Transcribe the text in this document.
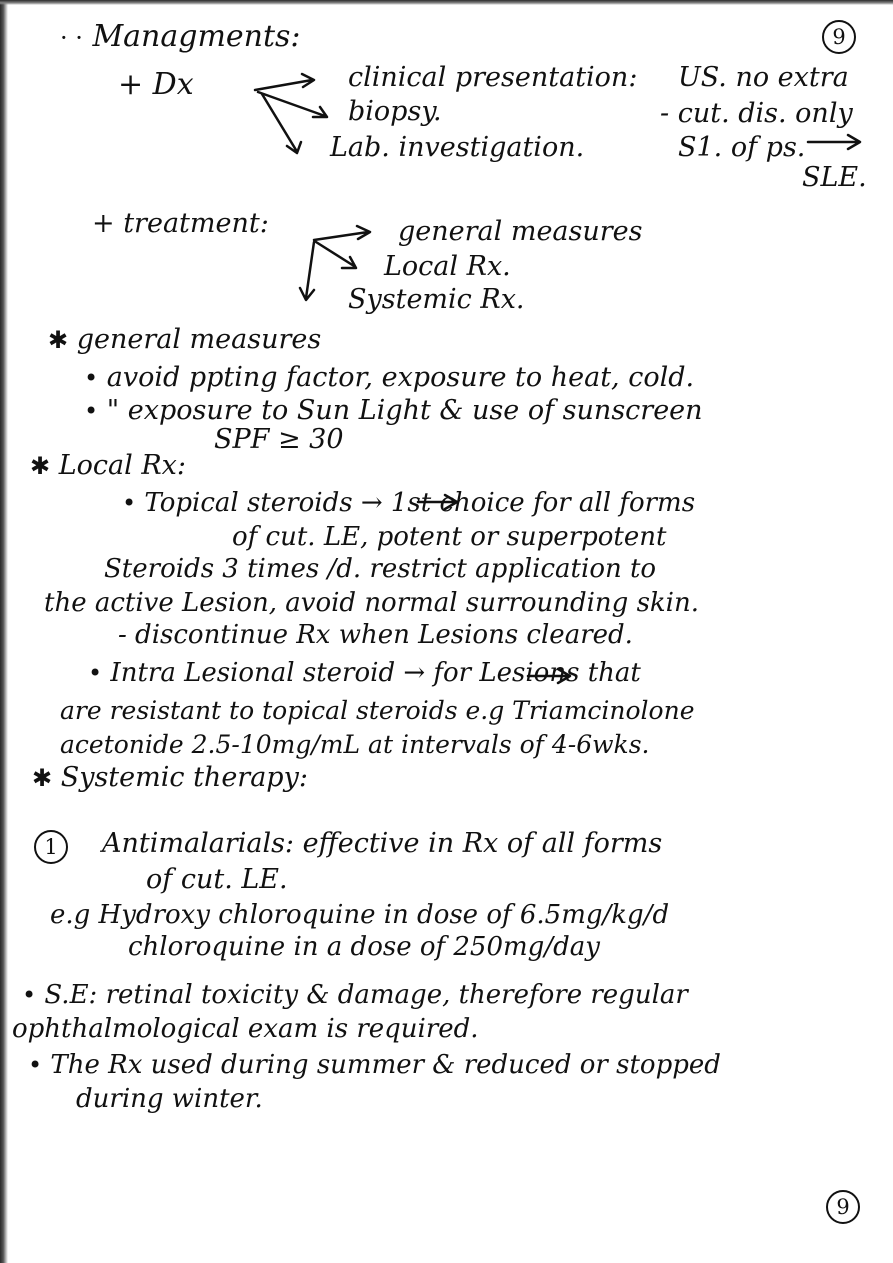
9
· · Managments:
+ Dx	clinical presentation:
biopsy.
Lab. investigation.
US. no extra
- cut. dis. only
S1. of ps.
SLE.
+ treatment:	general measures
Local Rx.
Systemic Rx.
✱ general measures
• avoid ppting factor, exposure to heat, cold.
• " exposure to Sun Light & use of sunscreen
SPF ≥ 30
✱ Local Rx:
• Topical steroids → 1st choice for all forms
of cut. LE, potent or superpotent
Steroids 3 times /d. restrict application to
the active Lesion, avoid normal surrounding skin.
- discontinue Rx when Lesions cleared.
• Intra Lesional steroid → for Lesions that
are resistant to topical steroids e.g Triamcinolone
acetonide 2.5-10mg/mL at intervals of 4-6wks.
✱ Systemic therapy:
1	Antimalarials: effective in Rx of all forms
of cut. LE.
e.g Hydroxy chloroquine in dose of 6.5mg/kg/d
chloroquine in a dose of 250mg/day
• S.E: retinal toxicity & damage, therefore regular
ophthalmological exam is required.
• The Rx used during summer & reduced or stopped
during winter.
9
